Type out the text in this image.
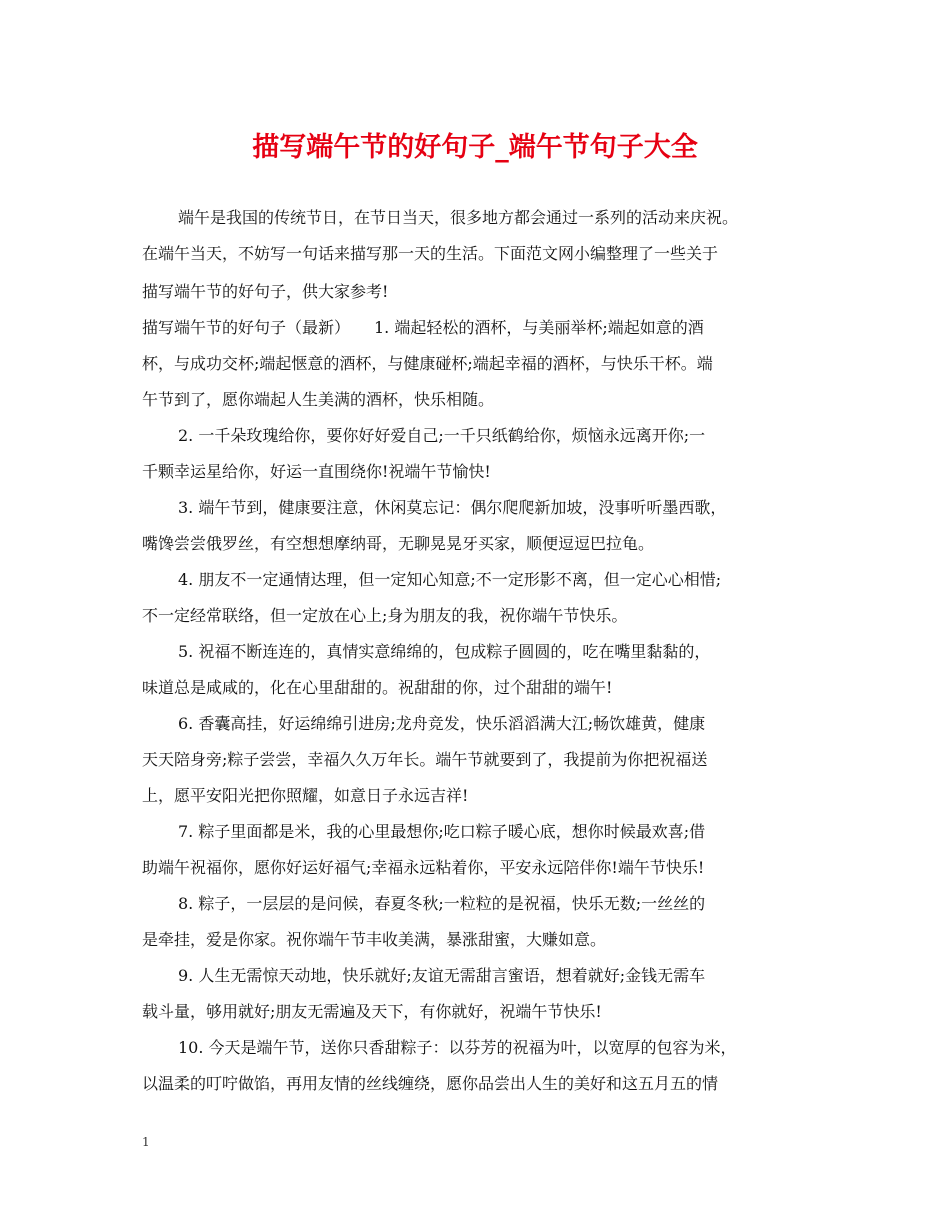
描写端午节的好句子_端午节句子大全
端午是我国的传统节日，在节日当天，很多地方都会通过一系列的活动来庆祝。
在端午当天，不妨写一句话来描写那一天的生活。下面范文网小编整理了一些关于
描写端午节的好句子，供大家参考!
描写端午节的好句子（最新）　　1. 端起轻松的酒杯，与美丽举杯;端起如意的酒
杯，与成功交杯;端起惬意的酒杯，与健康碰杯;端起幸福的酒杯，与快乐干杯。端
午节到了，愿你端起人生美满的酒杯，快乐相随。
2. 一千朵玫瑰给你，要你好好爱自己;一千只纸鹤给你，烦恼永远离开你;一
千颗幸运星给你，好运一直围绕你!祝端午节愉快!
3. 端午节到，健康要注意，休闲莫忘记：偶尔爬爬新加坡，没事听听墨西歌，
嘴馋尝尝俄罗丝，有空想想摩纳哥，无聊晃晃牙买家，顺便逗逗巴拉龟。
4. 朋友不一定通情达理，但一定知心知意;不一定形影不离，但一定心心相惜;
不一定经常联络，但一定放在心上;身为朋友的我，祝你端午节快乐。
5. 祝福不断连连的，真情实意绵绵的，包成粽子圆圆的，吃在嘴里黏黏的，
味道总是咸咸的，化在心里甜甜的。祝甜甜的你，过个甜甜的端午!
6. 香囊高挂，好运绵绵引进房;龙舟竞发，快乐滔滔满大江;畅饮雄黄，健康
天天陪身旁;粽子尝尝，幸福久久万年长。端午节就要到了，我提前为你把祝福送
上，愿平安阳光把你照耀，如意日子永远吉祥!
7. 粽子里面都是米，我的心里最想你;吃口粽子暖心底，想你时候最欢喜;借
助端午祝福你，愿你好运好福气;幸福永远粘着你，平安永远陪伴你!端午节快乐!
8. 粽子，一层层的是问候，春夏冬秋;一粒粒的是祝福，快乐无数;一丝丝的
是牵挂，爱是你家。祝你端午节丰收美满，暴涨甜蜜，大赚如意。
9. 人生无需惊天动地，快乐就好;友谊无需甜言蜜语，想着就好;金钱无需车
载斗量，够用就好;朋友无需遍及天下，有你就好，祝端午节快乐!
10. 今天是端午节，送你只香甜粽子：以芬芳的祝福为叶，以宽厚的包容为米，
以温柔的叮咛做馅，再用友情的丝线缠绕，愿你品尝出人生的美好和这五月五的情
1
